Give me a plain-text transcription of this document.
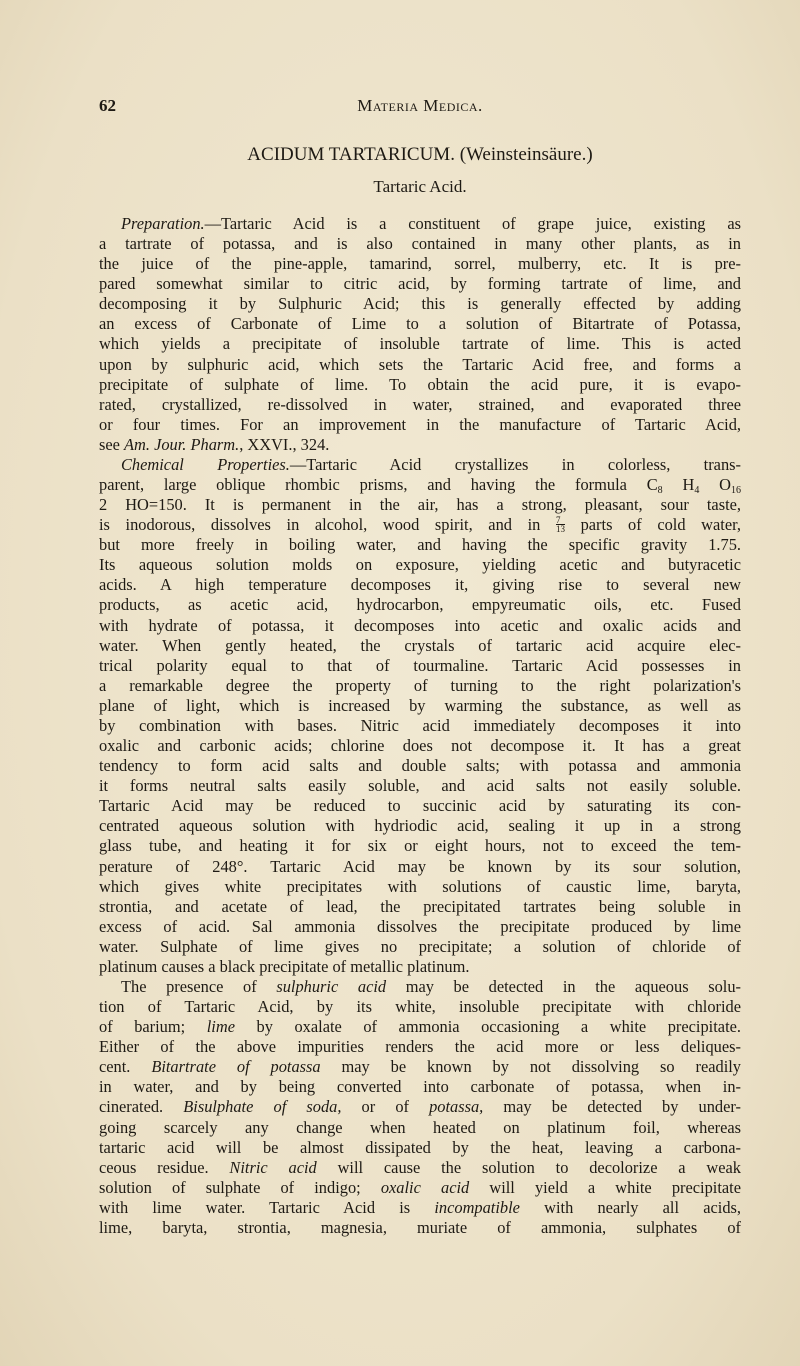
62	Materia Medica.
ACIDUM TARTARICUM. (Weinsteinsäure.)
Tartaric Acid.
Preparation.—Tartaric Acid is a constituent of grape juice, existing as
a tartrate of potassa, and is also contained in many other plants, as in
the juice of the pine-apple, tamarind, sorrel, mulberry, etc. It is pre-
pared somewhat similar to citric acid, by forming tartrate of lime, and
decomposing it by Sulphuric Acid; this is generally effected by adding
an excess of Carbonate of Lime to a solution of Bitartrate of Potassa,
which yields a precipitate of insoluble tartrate of lime. This is acted
upon by sulphuric acid, which sets the Tartaric Acid free, and forms a
precipitate of sulphate of lime. To obtain the acid pure, it is evapo-
rated, crystallized, re-dissolved in water, strained, and evaporated three
or four times. For an improvement in the manufacture of Tartaric Acid,
see Am. Jour. Pharm., XXVI., 324.
Chemical Properties.—Tartaric Acid crystallizes in colorless, trans-
parent, large oblique rhombic prisms, and having the formula $C_8$ $H_4$ $O_{16}$
2 HO=150. It is permanent in the air, has a strong, pleasant, sour taste,
is inodorous, dissolves in alcohol, wood spirit, and in $\frac{7}{13}$ parts of cold water,
but more freely in boiling water, and having the specific gravity 1.75.
Its aqueous solution molds on exposure, yielding acetic and butyracetic
acids. A high temperature decomposes it, giving rise to several new
products, as acetic acid, hydrocarbon, empyreumatic oils, etc. Fused
with hydrate of potassa, it decomposes into acetic and oxalic acids and
water. When gently heated, the crystals of tartaric acid acquire elec-
trical polarity equal to that of tourmaline. Tartaric Acid possesses in
a remarkable degree the property of turning to the right polarization's
plane of light, which is increased by warming the substance, as well as
by combination with bases. Nitric acid immediately decomposes it into
oxalic and carbonic acids; chlorine does not decompose it. It has a great
tendency to form acid salts and double salts; with potassa and ammonia
it forms neutral salts easily soluble, and acid salts not easily soluble.
Tartaric Acid may be reduced to succinic acid by saturating its con-
centrated aqueous solution with hydriodic acid, sealing it up in a strong
glass tube, and heating it for six or eight hours, not to exceed the tem-
perature of 248°. Tartaric Acid may be known by its sour solution,
which gives white precipitates with solutions of caustic lime, baryta,
strontia, and acetate of lead, the precipitated tartrates being soluble in
excess of acid. Sal ammonia dissolves the precipitate produced by lime
water. Sulphate of lime gives no precipitate; a solution of chloride of
platinum causes a black precipitate of metallic platinum.
The presence of sulphuric acid may be detected in the aqueous solu-
tion of Tartaric Acid, by its white, insoluble precipitate with chloride
of barium; lime by oxalate of ammonia occasioning a white precipitate.
Either of the above impurities renders the acid more or less deliques-
cent. Bitartrate of potassa may be known by not dissolving so readily
in water, and by being converted into carbonate of potassa, when in-
cinerated. Bisulphate of soda, or of potassa, may be detected by under-
going scarcely any change when heated on platinum foil, whereas
tartaric acid will be almost dissipated by the heat, leaving a carbona-
ceous residue. Nitric acid will cause the solution to decolorize a weak
solution of sulphate of indigo; oxalic acid will yield a white precipitate
with lime water. Tartaric Acid is incompatible with nearly all acids,
lime, baryta, strontia, magnesia, muriate of ammonia, sulphates of
